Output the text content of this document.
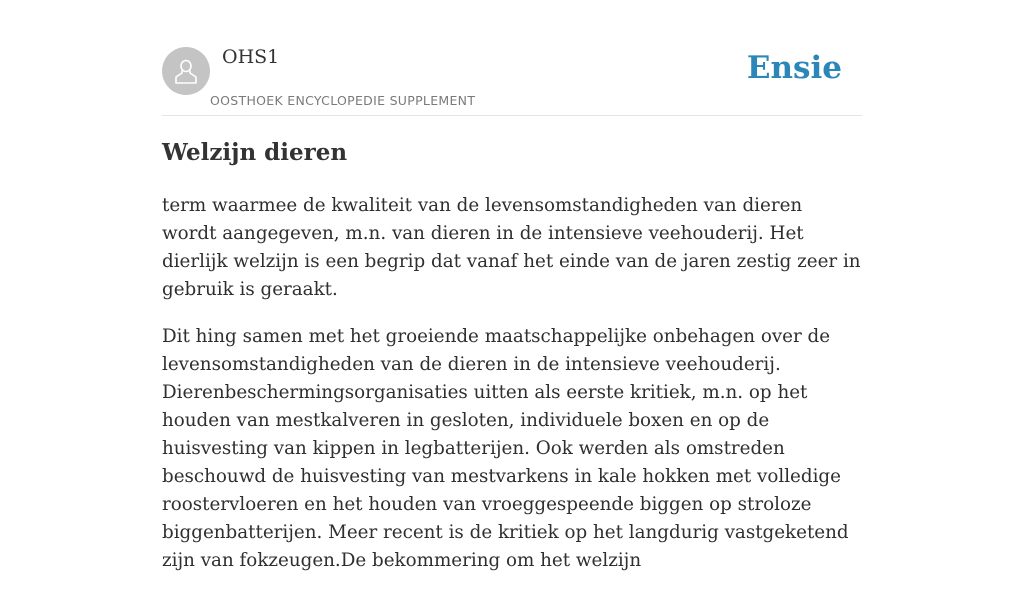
OHS1
OOSTHOEK ENCYCLOPEDIE SUPPLEMENT
Ensie
Welzijn dieren

term waarmee de kwaliteit van de levensomstandigheden van dieren wordt aangegeven, m.n. van dieren in de intensieve veehouderij. Het dierlijk welzijn is een begrip dat vanaf het einde van de jaren zestig zeer in gebruik is geraakt.

Dit hing samen met het groeiende maatschappelijke onbehagen over de levensomstandigheden van de dieren in de intensieve veehouderij. Dierenbeschermingsorganisaties uitten als eerste kritiek, m.n. op het houden van mestkalveren in gesloten, individuele boxen en op de huisvesting van kippen in legbatterijen. Ook werden als omstreden beschouwd de huisvesting van mestvarkens in kale hokken met volledige roostervloeren en het houden van vroeggespeende biggen op stroloze biggenbatterijen. Meer recent is de kritiek op het langdurig vastgeketend zijn van fokzeugen.De bekommering om het welzijn
